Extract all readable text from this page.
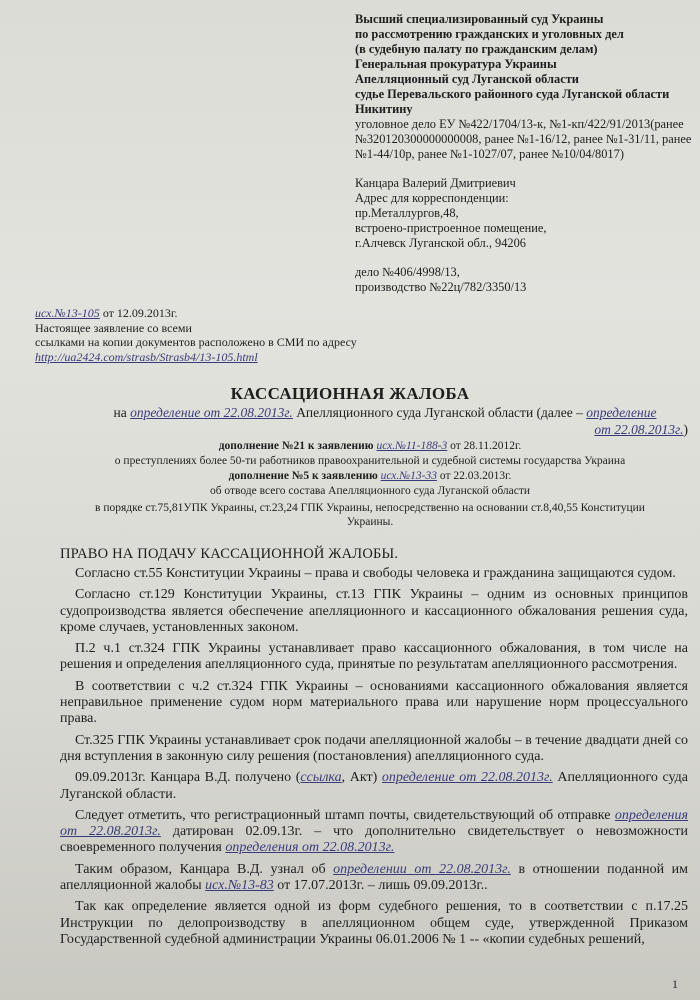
Высший специализированный суд Украины
по рассмотрению гражданских и уголовных дел
(в судебную палату по гражданским делам)
Генеральная прокуратура Украины
Апелляционный суд Луганской области
судье Перевальского районного суда Луганской области
Никитину
уголовное дело ЕУ №422/1704/13-к, №1-кп/422/91/2013(ранее
№320120300000000008, ранее №1-16/12, ранее №1-31/11, ранее
№1-44/10р, ранее №1-1027/07, ранее №10/04/8017)
Канцара Валерий Дмитриевич
Адрес для корреспонденции:
пр.Металлургов,48,
встроено-пристроенное помещение,
г.Алчевск Луганской обл., 94206
дело №406/4998/13,
производство №22ц/782/3350/13
исх.№13-105 от 12.09.2013г.
Настоящее заявление со всеми
ссылками на копии документов расположено в СМИ по адресу
http://ua2424.com/strasb/Strasb4/13-105.html
КАССАЦИОННАЯ ЖАЛОБА
на определение от 22.08.2013г. Апелляционного суда Луганской области (далее – определение
от 22.08.2013г.)
дополнение №21 к заявлению исх.№11-188-3 от 28.11.2012г.
о преступлениях более 50-ти работников правоохранительной и судебной системы государства Украина
дополнение №5 к заявлению исх.№13-33 от 22.03.2013г.
об отводе всего состава Апелляционного суда Луганской области
в порядке ст.75,81УПК Украины, ст.23,24 ГПК Украины, непосредственно на основании ст.8,40,55 Конституции
Украины.
ПРАВО НА ПОДАЧУ КАССАЦИОННОЙ ЖАЛОБЫ.

Согласно ст.55 Конституции Украины – права и свободы человека и гражданина защищаются судом.

Согласно ст.129 Конституции Украины, ст.13 ГПК Украины – одним из основных принципов судопроизводства является обеспечение апелляционного и кассационного обжалования решения суда, кроме случаев, установленных законом.

П.2 ч.1 ст.324 ГПК Украины устанавливает право кассационного обжалования, в том числе на решения и определения апелляционного суда, принятые по результатам апелляционного рассмотрения.

В соответствии с ч.2 ст.324 ГПК Украины – основаниями кассационного обжалования является неправильное применение судом норм материального права или нарушение норм процессуального права.

Ст.325 ГПК Украины устанавливает срок подачи апелляционной жалобы – в течение двадцати дней со дня вступления в законную силу решения (постановления) апелляционного суда.

09.09.2013г. Канцара В.Д. получено (ссылка, Акт) определение от 22.08.2013г. Апелляционного суда Луганской области.

Следует отметить, что регистрационный штамп почты, свидетельствующий об отправке определения от 22.08.2013г. датирован 02.09.13г. – что дополнительно свидетельствует о невозможности своевременного получения определения от 22.08.2013г.

Таким образом, Канцара В.Д. узнал об определении от 22.08.2013г. в отношении поданной им апелляционной жалобы исх.№13-83 от 17.07.2013г. – лишь 09.09.2013г..

Так как определение является одной из форм судебного решения, то в соответствии с п.17.25 Инструкции по делопроизводству в апелляционном общем суде, утвержденной Приказом Государственной судебной администрации Украины 06.01.2006 № 1 -- «копии судебных решений,

1
